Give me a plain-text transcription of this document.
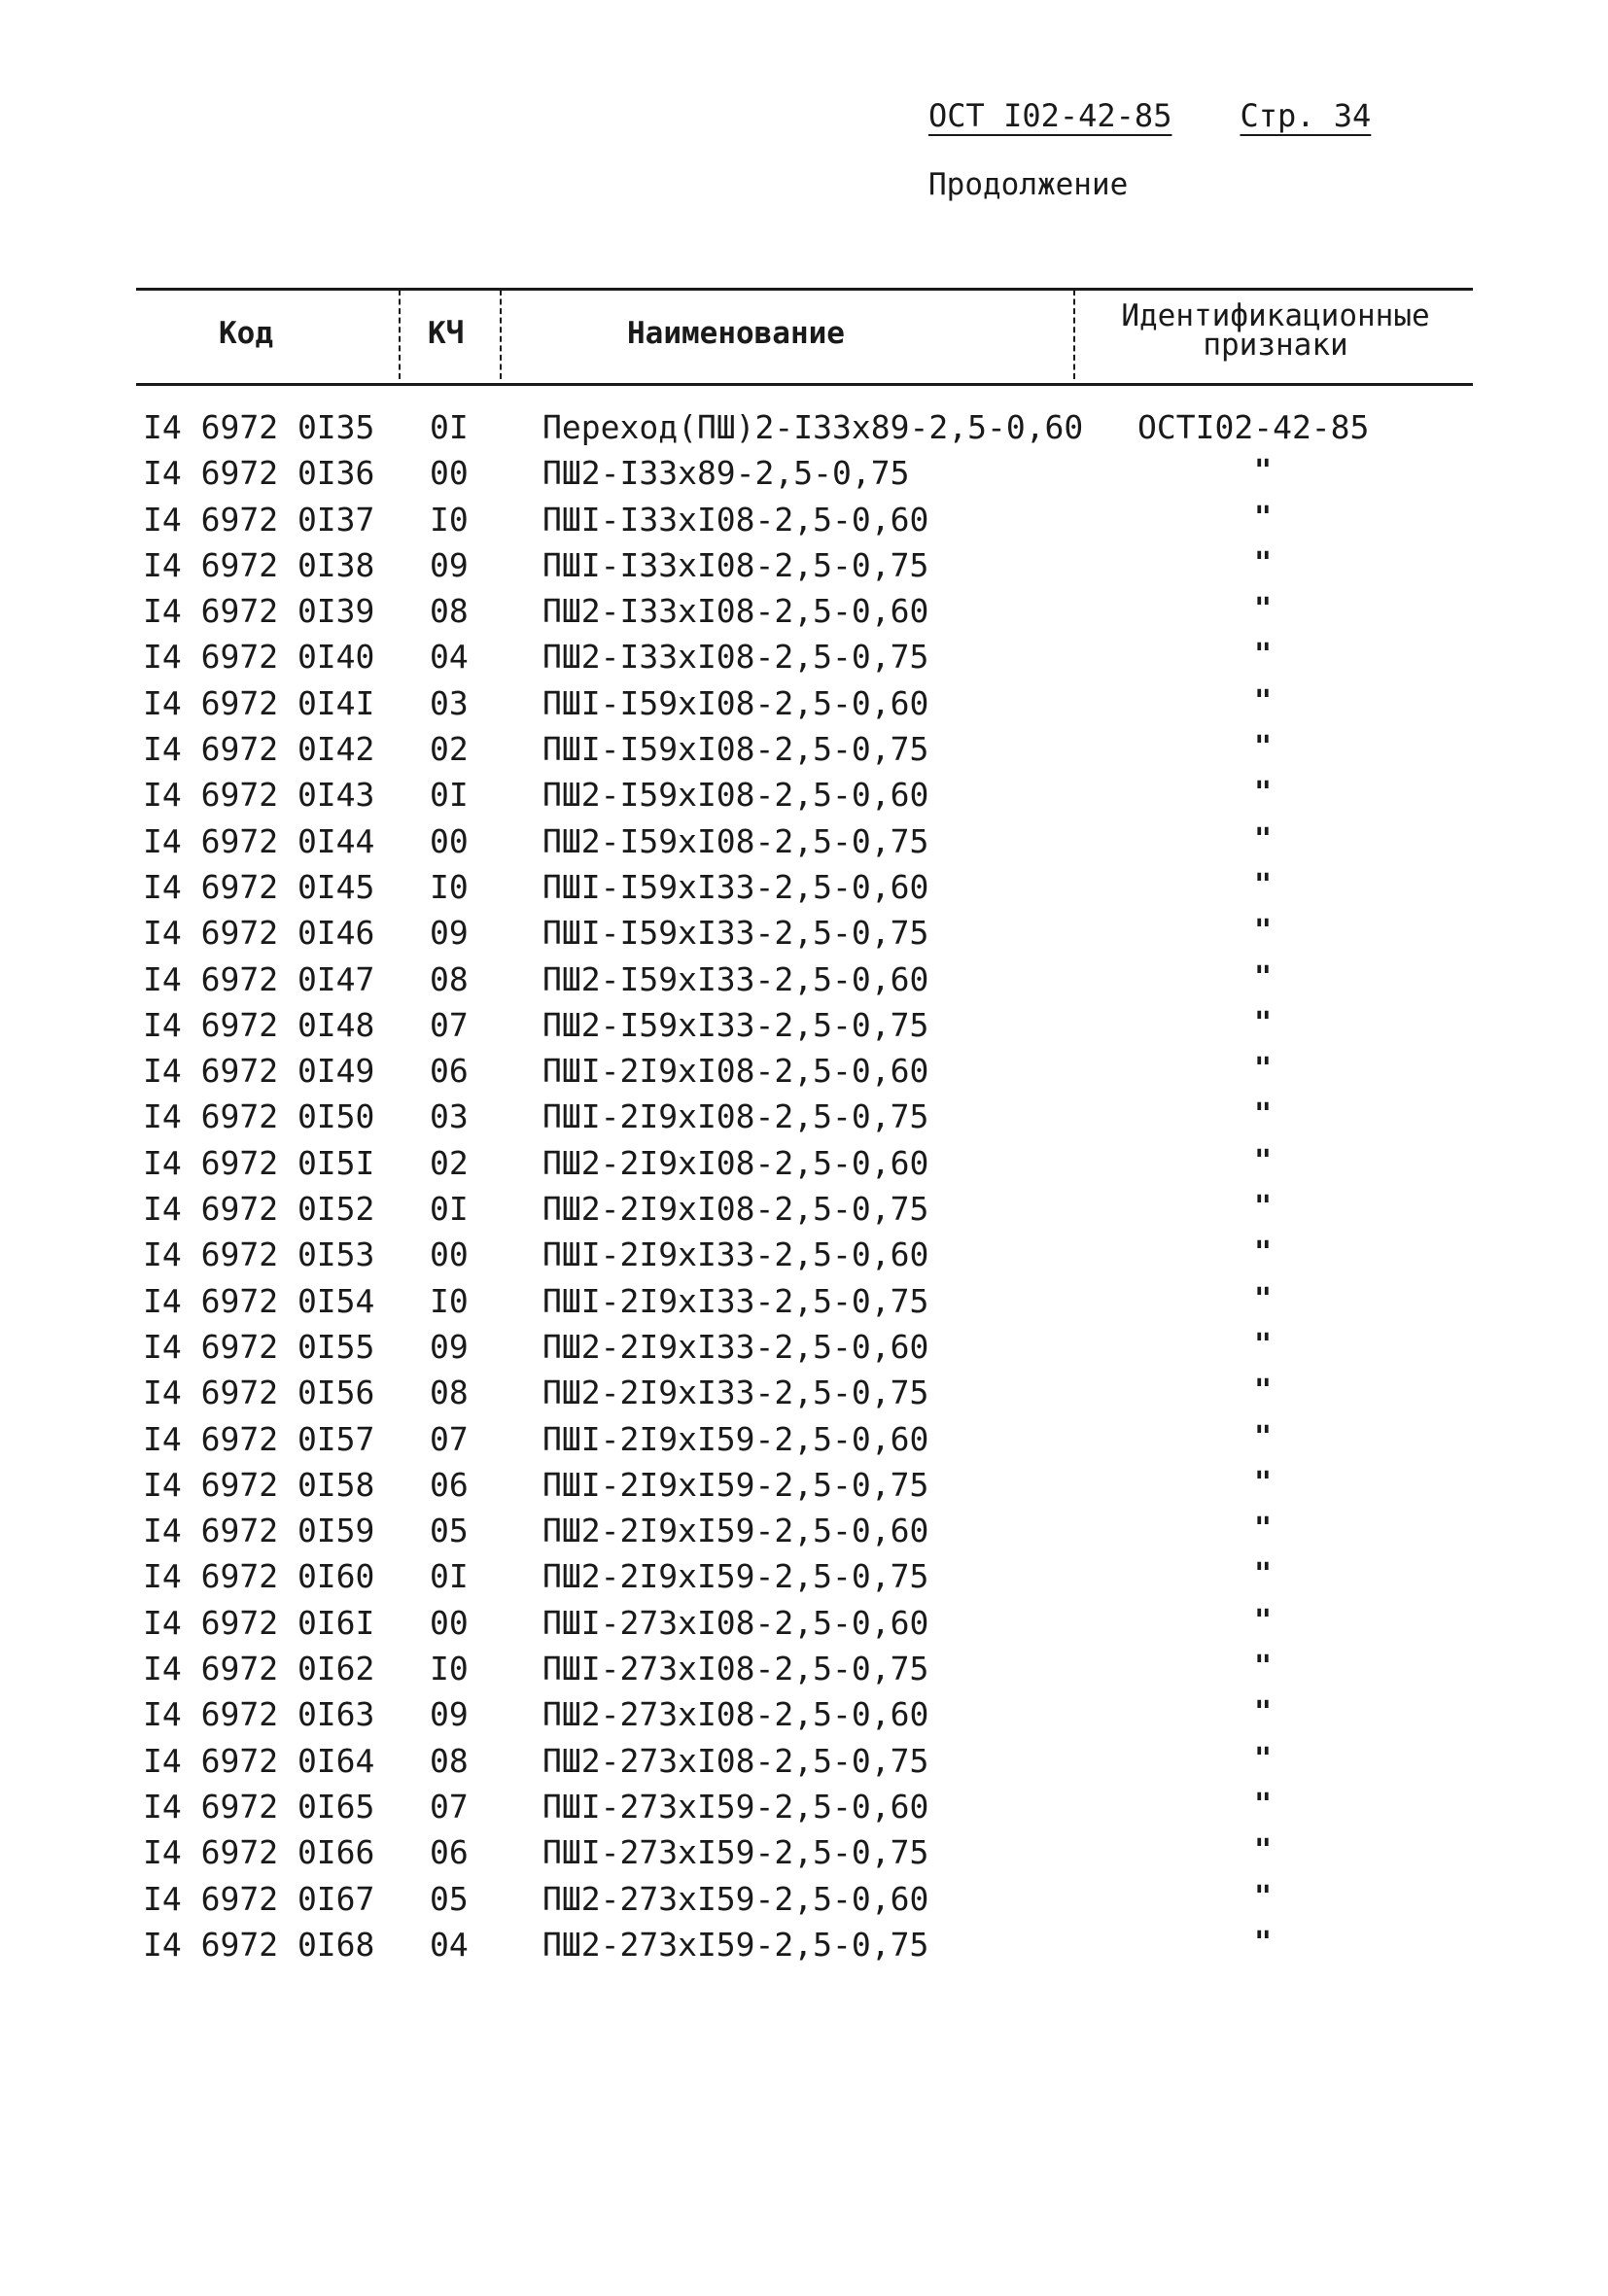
ОСТ I02-42-85 Стр. 34
Продолжение
Код	КЧ	Наименование	Идентификационные
признаки
I4 6972 0I35 0I Переход(ПШ)2-I33x89-2,5-0,60 ОСТI02-42-85
I4 6972 0I36 00 ПШ2-I33x89-2,5-0,75	"
I4 6972 0I37 I0 ПШI-I33xI08-2,5-0,60	"
I4 6972 0I38 09 ПШI-I33xI08-2,5-0,75	"
I4 6972 0I39 08 ПШ2-I33xI08-2,5-0,60	"
I4 6972 0I40 04 ПШ2-I33xI08-2,5-0,75	"
I4 6972 0I4I 03 ПШI-I59xI08-2,5-0,60	"
I4 6972 0I42 02 ПШI-I59xI08-2,5-0,75	"
I4 6972 0I43 0I ПШ2-I59xI08-2,5-0,60	"
I4 6972 0I44 00 ПШ2-I59xI08-2,5-0,75	"
I4 6972 0I45 I0 ПШI-I59xI33-2,5-0,60	"
I4 6972 0I46 09 ПШI-I59xI33-2,5-0,75	"
I4 6972 0I47 08 ПШ2-I59xI33-2,5-0,60	"
I4 6972 0I48 07 ПШ2-I59xI33-2,5-0,75	"
I4 6972 0I49 06 ПШI-2I9xI08-2,5-0,60	"
I4 6972 0I50 03 ПШI-2I9xI08-2,5-0,75	"
I4 6972 0I5I 02 ПШ2-2I9xI08-2,5-0,60	"
I4 6972 0I52 0I ПШ2-2I9xI08-2,5-0,75	"
I4 6972 0I53 00 ПШI-2I9xI33-2,5-0,60	"
I4 6972 0I54 I0 ПШI-2I9xI33-2,5-0,75	"
I4 6972 0I55 09 ПШ2-2I9xI33-2,5-0,60	"
I4 6972 0I56 08 ПШ2-2I9xI33-2,5-0,75	"
I4 6972 0I57 07 ПШI-2I9xI59-2,5-0,60	"
I4 6972 0I58 06 ПШI-2I9xI59-2,5-0,75	"
I4 6972 0I59 05 ПШ2-2I9xI59-2,5-0,60	"
I4 6972 0I60 0I ПШ2-2I9xI59-2,5-0,75	"
I4 6972 0I6I 00 ПШI-273xI08-2,5-0,60	"
I4 6972 0I62 I0 ПШI-273xI08-2,5-0,75	"
I4 6972 0I63 09 ПШ2-273xI08-2,5-0,60	"
I4 6972 0I64 08 ПШ2-273xI08-2,5-0,75	"
I4 6972 0I65 07 ПШI-273xI59-2,5-0,60	"
I4 6972 0I66 06 ПШI-273xI59-2,5-0,75	"
I4 6972 0I67 05 ПШ2-273xI59-2,5-0,60	"
I4 6972 0I68 04 ПШ2-273xI59-2,5-0,75	"
